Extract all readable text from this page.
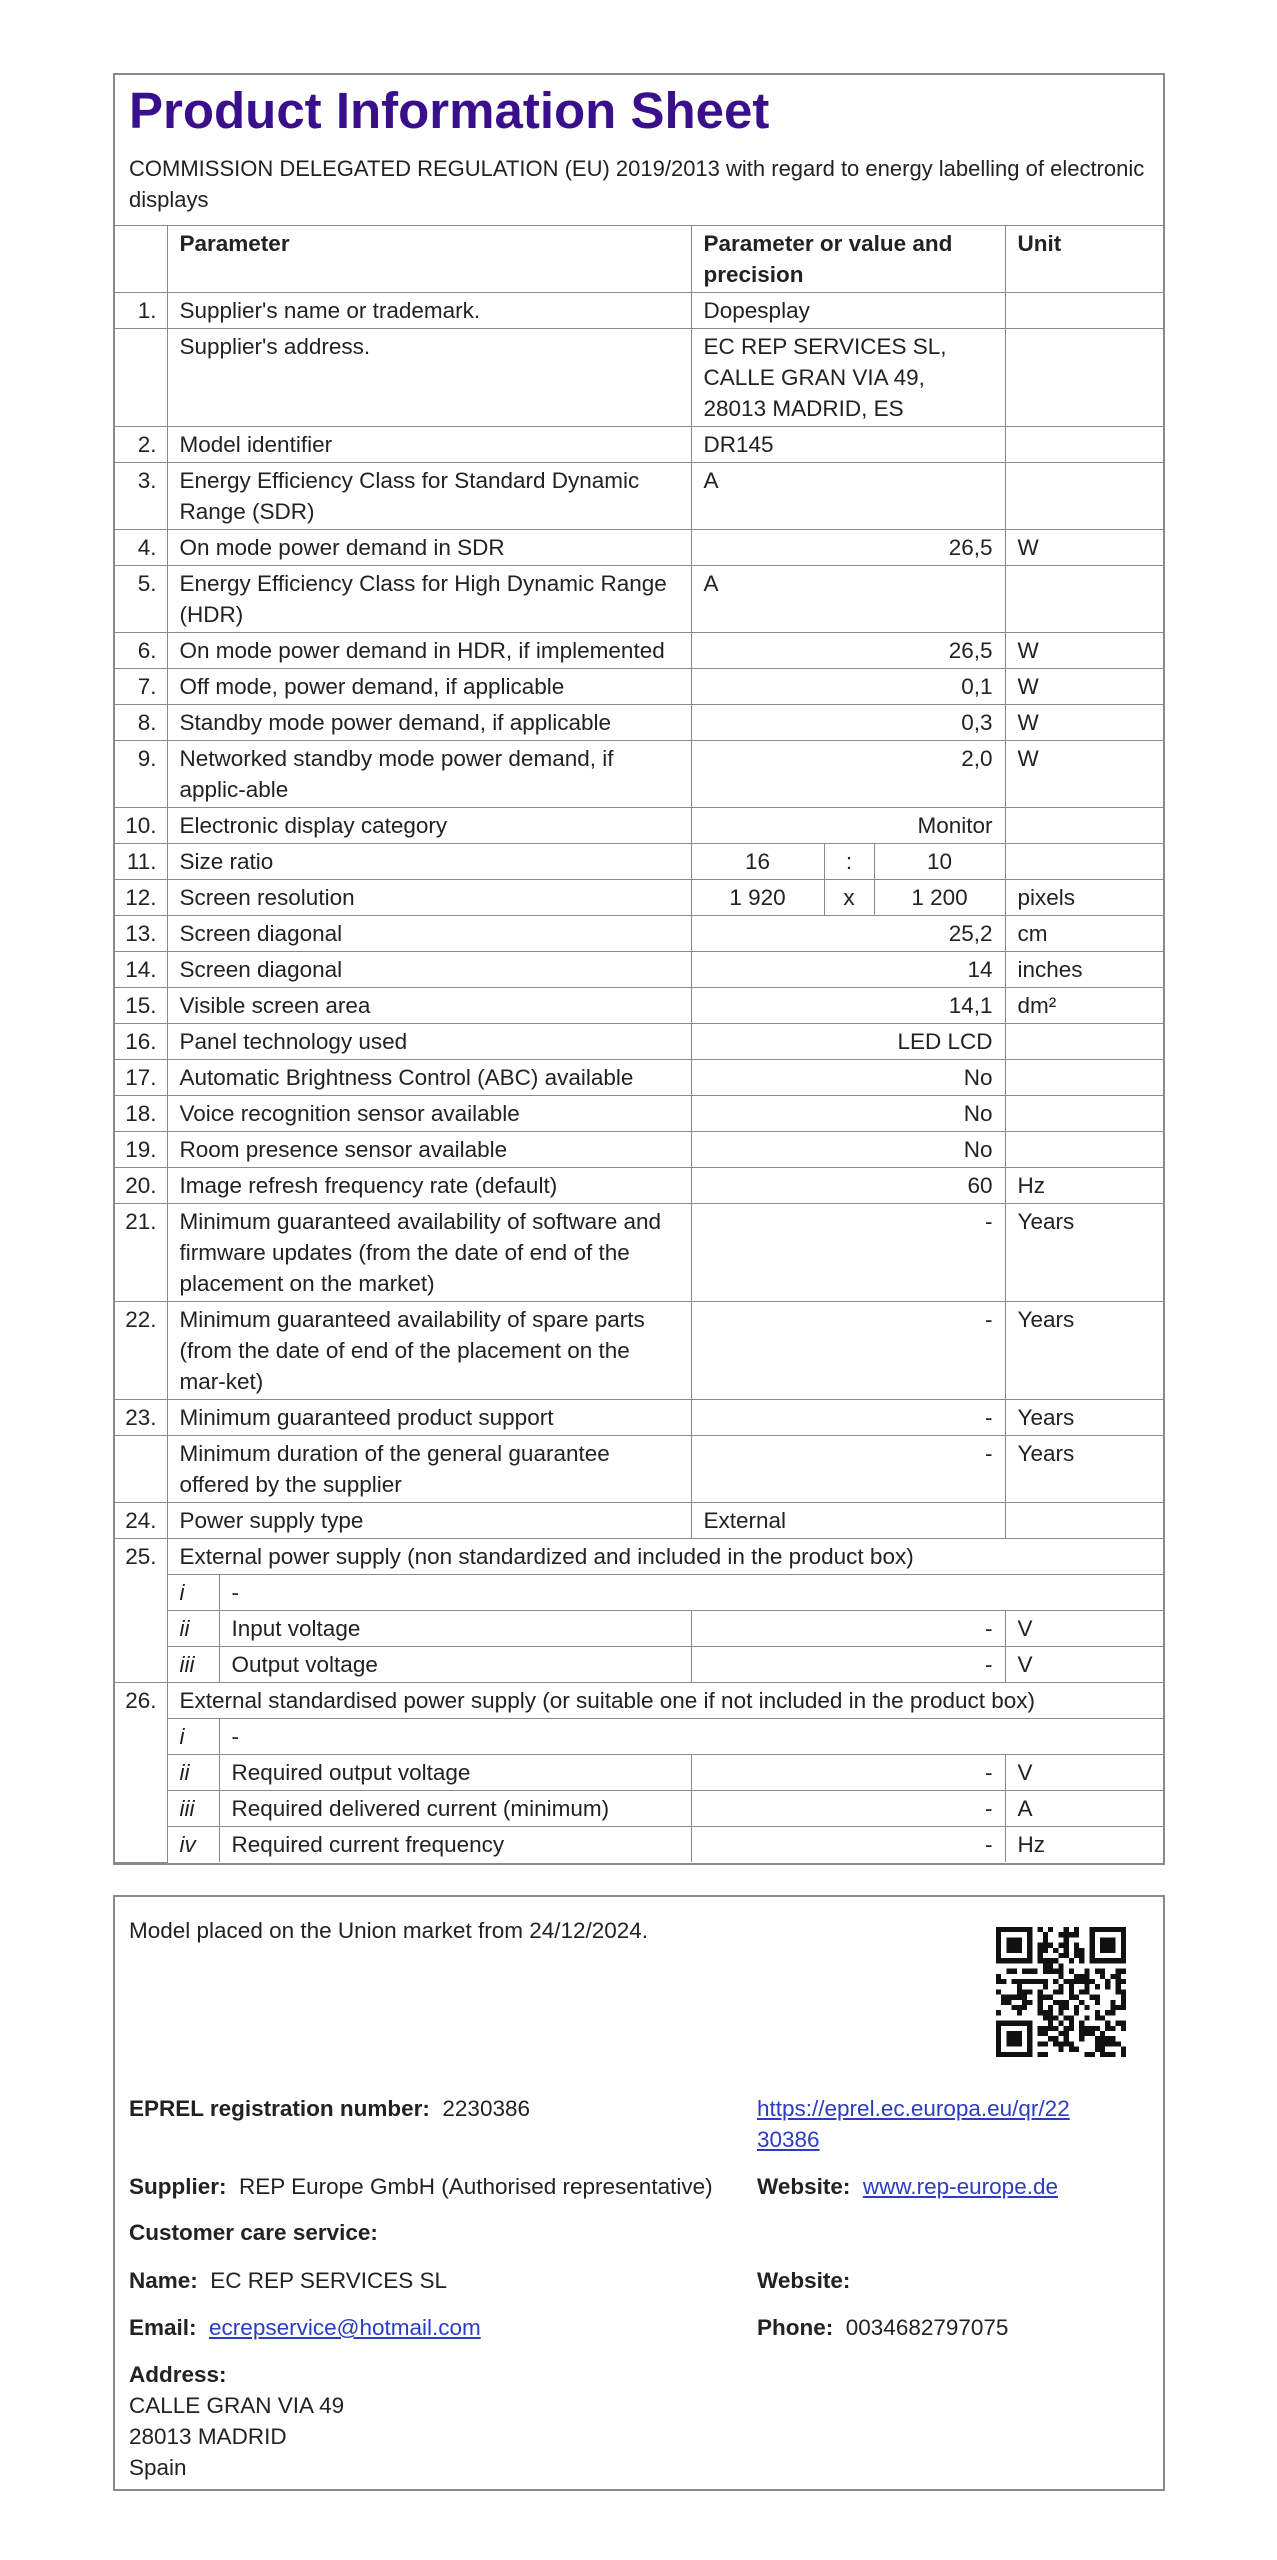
Product Information Sheet
COMMISSION DELEGATED REGULATION (EU) 2019/2013 with regard to energy labelling of electronic displays
	Parameter		Parameter or value and precision			Unit
1.	Supplier's name or trademark.		Dopesplay			
	Supplier's address.		EC REP SERVICES SL, CALLE GRAN VIA 49, 28013 MADRID, ES			
2.	Model identifier		DR145			
3.	Energy Efficiency Class for Standard Dynamic Range (SDR)		A			
4.	On mode power demand in SDR		26,5			W
5.	Energy Efficiency Class for High Dynamic Range (HDR)		A			
6.	On mode power demand in HDR, if implemented		26,5			W
7.	Off mode, power demand, if applicable		0,1			W
8.	Standby mode power demand, if applicable		0,3			W
9.	Networked standby mode power demand, if applic-able		2,0			W
10.	Electronic display category		Monitor			
11.	Size ratio		16	:	10	
12.	Screen resolution		1 920	x	1 200	pixels
13.	Screen diagonal		25,2			cm
14.	Screen diagonal		14			inches
15.	Visible screen area		14,1			dm²
16.	Panel technology used		LED LCD			
17.	Automatic Brightness Control (ABC) available		No			
18.	Voice recognition sensor available		No			
19.	Room presence sensor available		No			
20.	Image refresh frequency rate (default)		60			Hz
21.	Minimum guaranteed availability of software and firmware updates (from the date of end of the placement on the market)		-			Years
22.	Minimum guaranteed availability of spare parts (from the date of end of the placement on the mar-ket)		-			Years
23.	Minimum guaranteed product support		-			Years
	Minimum duration of the general guarantee offered by the supplier		-			Years
24.	Power supply type		External			
25.	External power supply (non standardized and included in the product box)					
	i	-				
	ii	Input voltage	-			V
	iii	Output voltage	-			V
26.	External standardised power supply (or suitable one if not included in the product box)					
	i	-				
	ii	Required output voltage	-			V
	iii	Required delivered current (minimum)	-			A
	iv	Required current frequency	-			Hz
Model placed on the Union market from 24/12/2024.
EPREL registration number: 2230386	https://eprel.ec.europa.eu/qr/22
30386
Supplier: REP Europe GmbH (Authorised representative) Website: www.rep-europe.de
Customer care service:
Name: EC REP SERVICES SL	Website:
Email: ecrepservice@hotmail.com	Phone: 0034682797075
Address:
CALLE GRAN VIA 49
28013 MADRID
Spain
